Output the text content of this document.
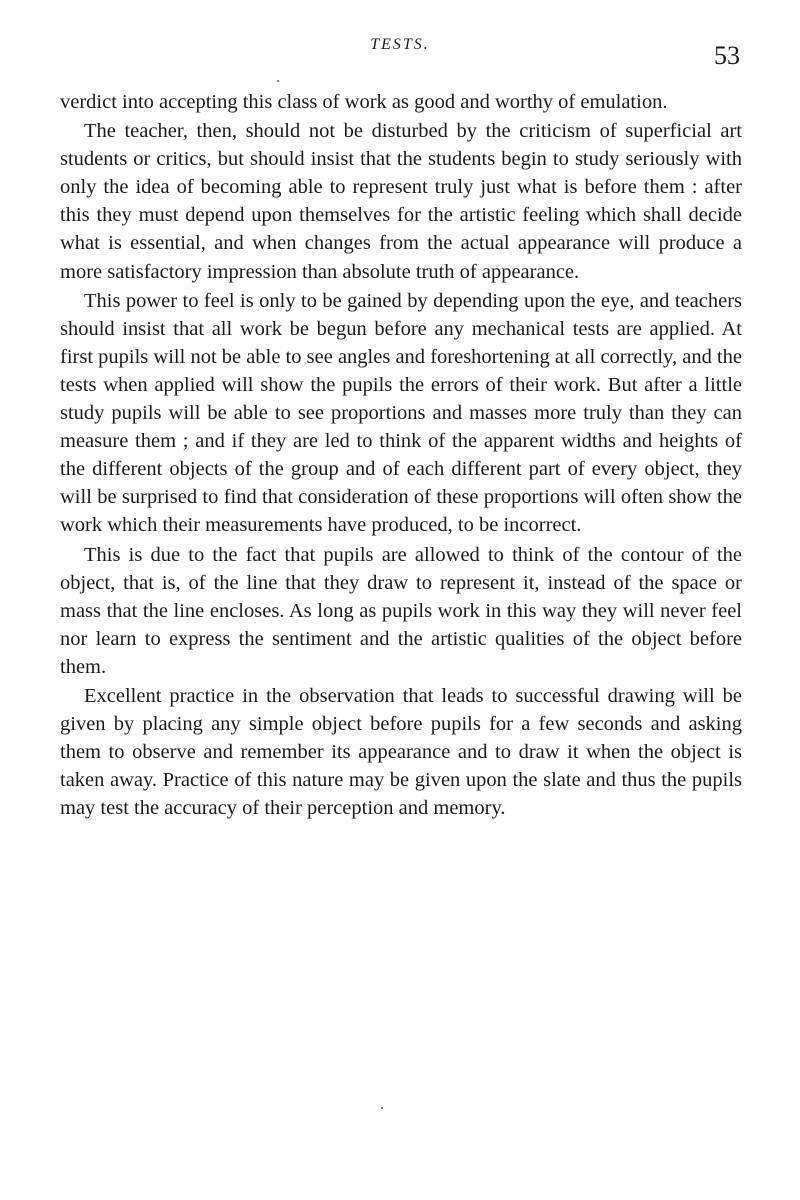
TESTS.	53

verdict into accepting this class of work as good and worthy of emulation.

The teacher, then, should not be disturbed by the criticism of superficial art students or critics, but should insist that the students begin to study seriously with only the idea of becoming able to represent truly just what is before them : after this they must depend upon themselves for the artistic feeling which shall decide what is essential, and when changes from the actual appearance will produce a more satisfactory impression than absolute truth of appearance.

This power to feel is only to be gained by depending upon the eye, and teachers should insist that all work be begun before any mechanical tests are applied. At first pupils will not be able to see angles and foreshortening at all correctly, and the tests when applied will show the pupils the errors of their work. But after a little study pupils will be able to see proportions and masses more truly than they can measure them ; and if they are led to think of the apparent widths and heights of the different objects of the group and of each different part of every object, they will be surprised to find that consideration of these proportions will often show the work which their measurements have produced, to be incorrect.

This is due to the fact that pupils are allowed to think of the contour of the object, that is, of the line that they draw to represent it, instead of the space or mass that the line encloses. As long as pupils work in this way they will never feel nor learn to express the sentiment and the artistic qualities of the object before them.

Excellent practice in the observation that leads to successful drawing will be given by placing any simple object before pupils for a few seconds and asking them to observe and remember its appearance and to draw it when the object is taken away. Practice of this nature may be given upon the slate and thus the pupils may test the accuracy of their perception and memory.
